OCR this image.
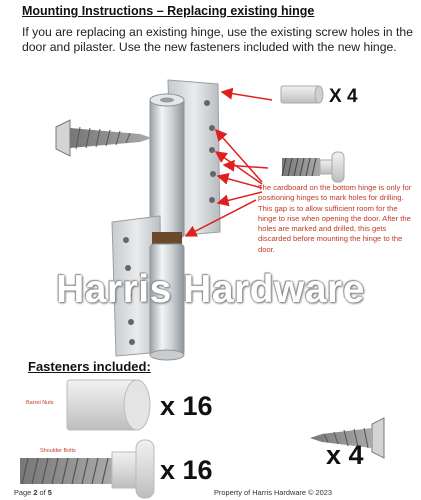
Mounting Instructions – Replacing existing hinge
If you are replacing an existing hinge, use the existing screw holes in the door and pilaster. Use the new fasteners included with the new hinge.
X 4
The cardboard on the bottom hinge is only for positioning hinges to mark holes for drilling. This gap is to allow sufficient room for the hinge to rise when opening the door. After the holes are marked and drilled, this gets discarded before mounting the hinge to the door.
Harris Hardware
Fasteners included:
Barrel Nuts	x 16
Shoulder Bolts
x 16	x 4
Page 2 of 5	Property of Harris Hardware © 2023
